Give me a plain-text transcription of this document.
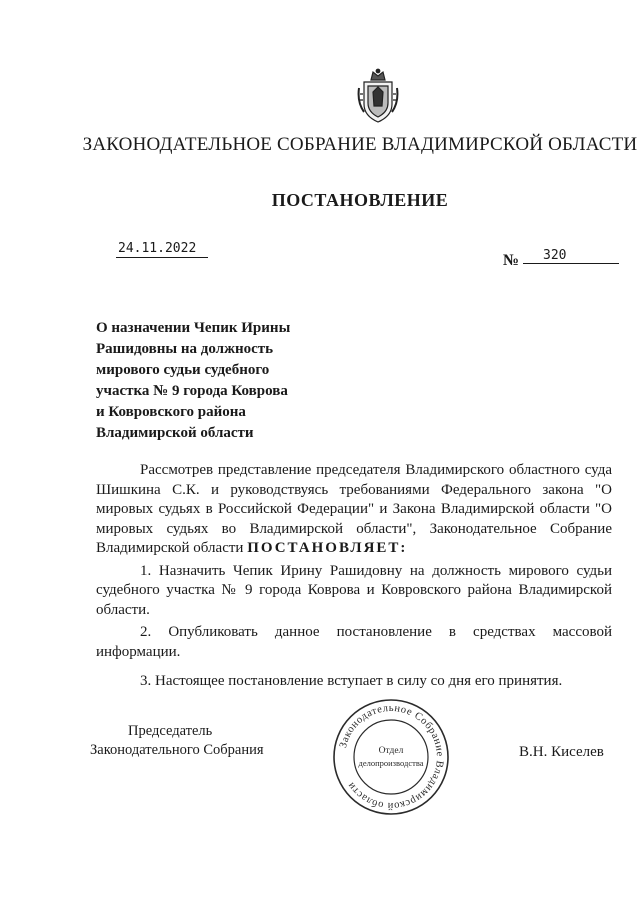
ЗАКОНОДАТЕЛЬНОЕ СОБРАНИЕ ВЛАДИМИРСКОЙ ОБЛАСТИ
ПОСТАНОВЛЕНИЕ
24.11.2022
№ 320
О назначении Чепик Ирины
Рашидовны на должность
мирового судьи судебного
участка № 9 города Коврова
и Ковровского района
Владимирской области

Рассмотрев представление председателя Владимирского областного суда Шишкина С.К. и руководствуясь требованиями Федерального закона "О мировых судьях в Российской Федерации" и Закона Владимирской области "О мировых судьях во Владимирской области", Законодательное Собрание Владимирской области ПОСТАНОВЛЯЕТ:

1. Назначить Чепик Ирину Рашидовну на должность мирового судьи судебного участка № 9 города Коврова и Ковровского района Владимирской области.

2. Опубликовать данное постановление в средствах массовой информации.

3. Настоящее постановление вступает в силу со дня его принятия.

Председатель
Законодательного Собрания	Законодательное Собрание Владимирской области
Отдел
делопроизводства
В.Н. Киселев
